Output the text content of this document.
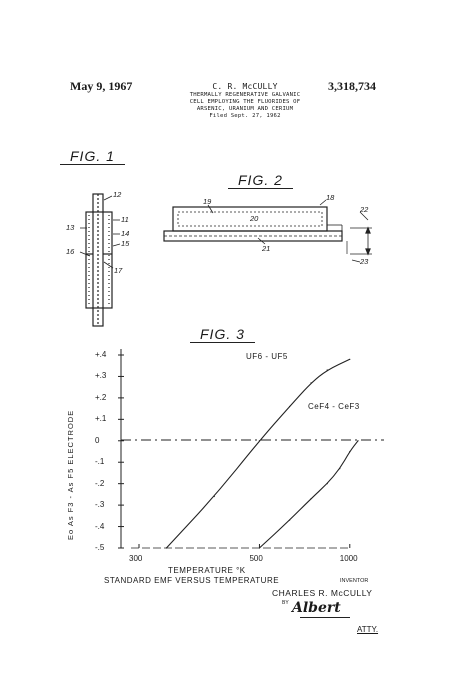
May 9, 1967	3,318,734
C. R. McCULLY
THERMALLY REGENERATIVE GALVANIC
CELL EMPLOYING THE FLUORIDES OF
ARSENIC, URANIUM AND CERIUM
Filed Sept. 27, 1962
FIG. 1
FIG. 2
12
11
13
14
15
16
17
18
19
20
22
21
23
FIG. 3
+.4
+.3
+.2
+.1
0
-.1
-.2
-.3
-.4
-.5
300	500	1000
Eo As F3 - As F5 ELECTRODE
UF6 - UF5
CeF4 - CeF3
TEMPERATURE °K
STANDARD EMF VERSUS TEMPERATURE	INVENTOR
CHARLES R. McCULLY
BY Albert
ATTY.
